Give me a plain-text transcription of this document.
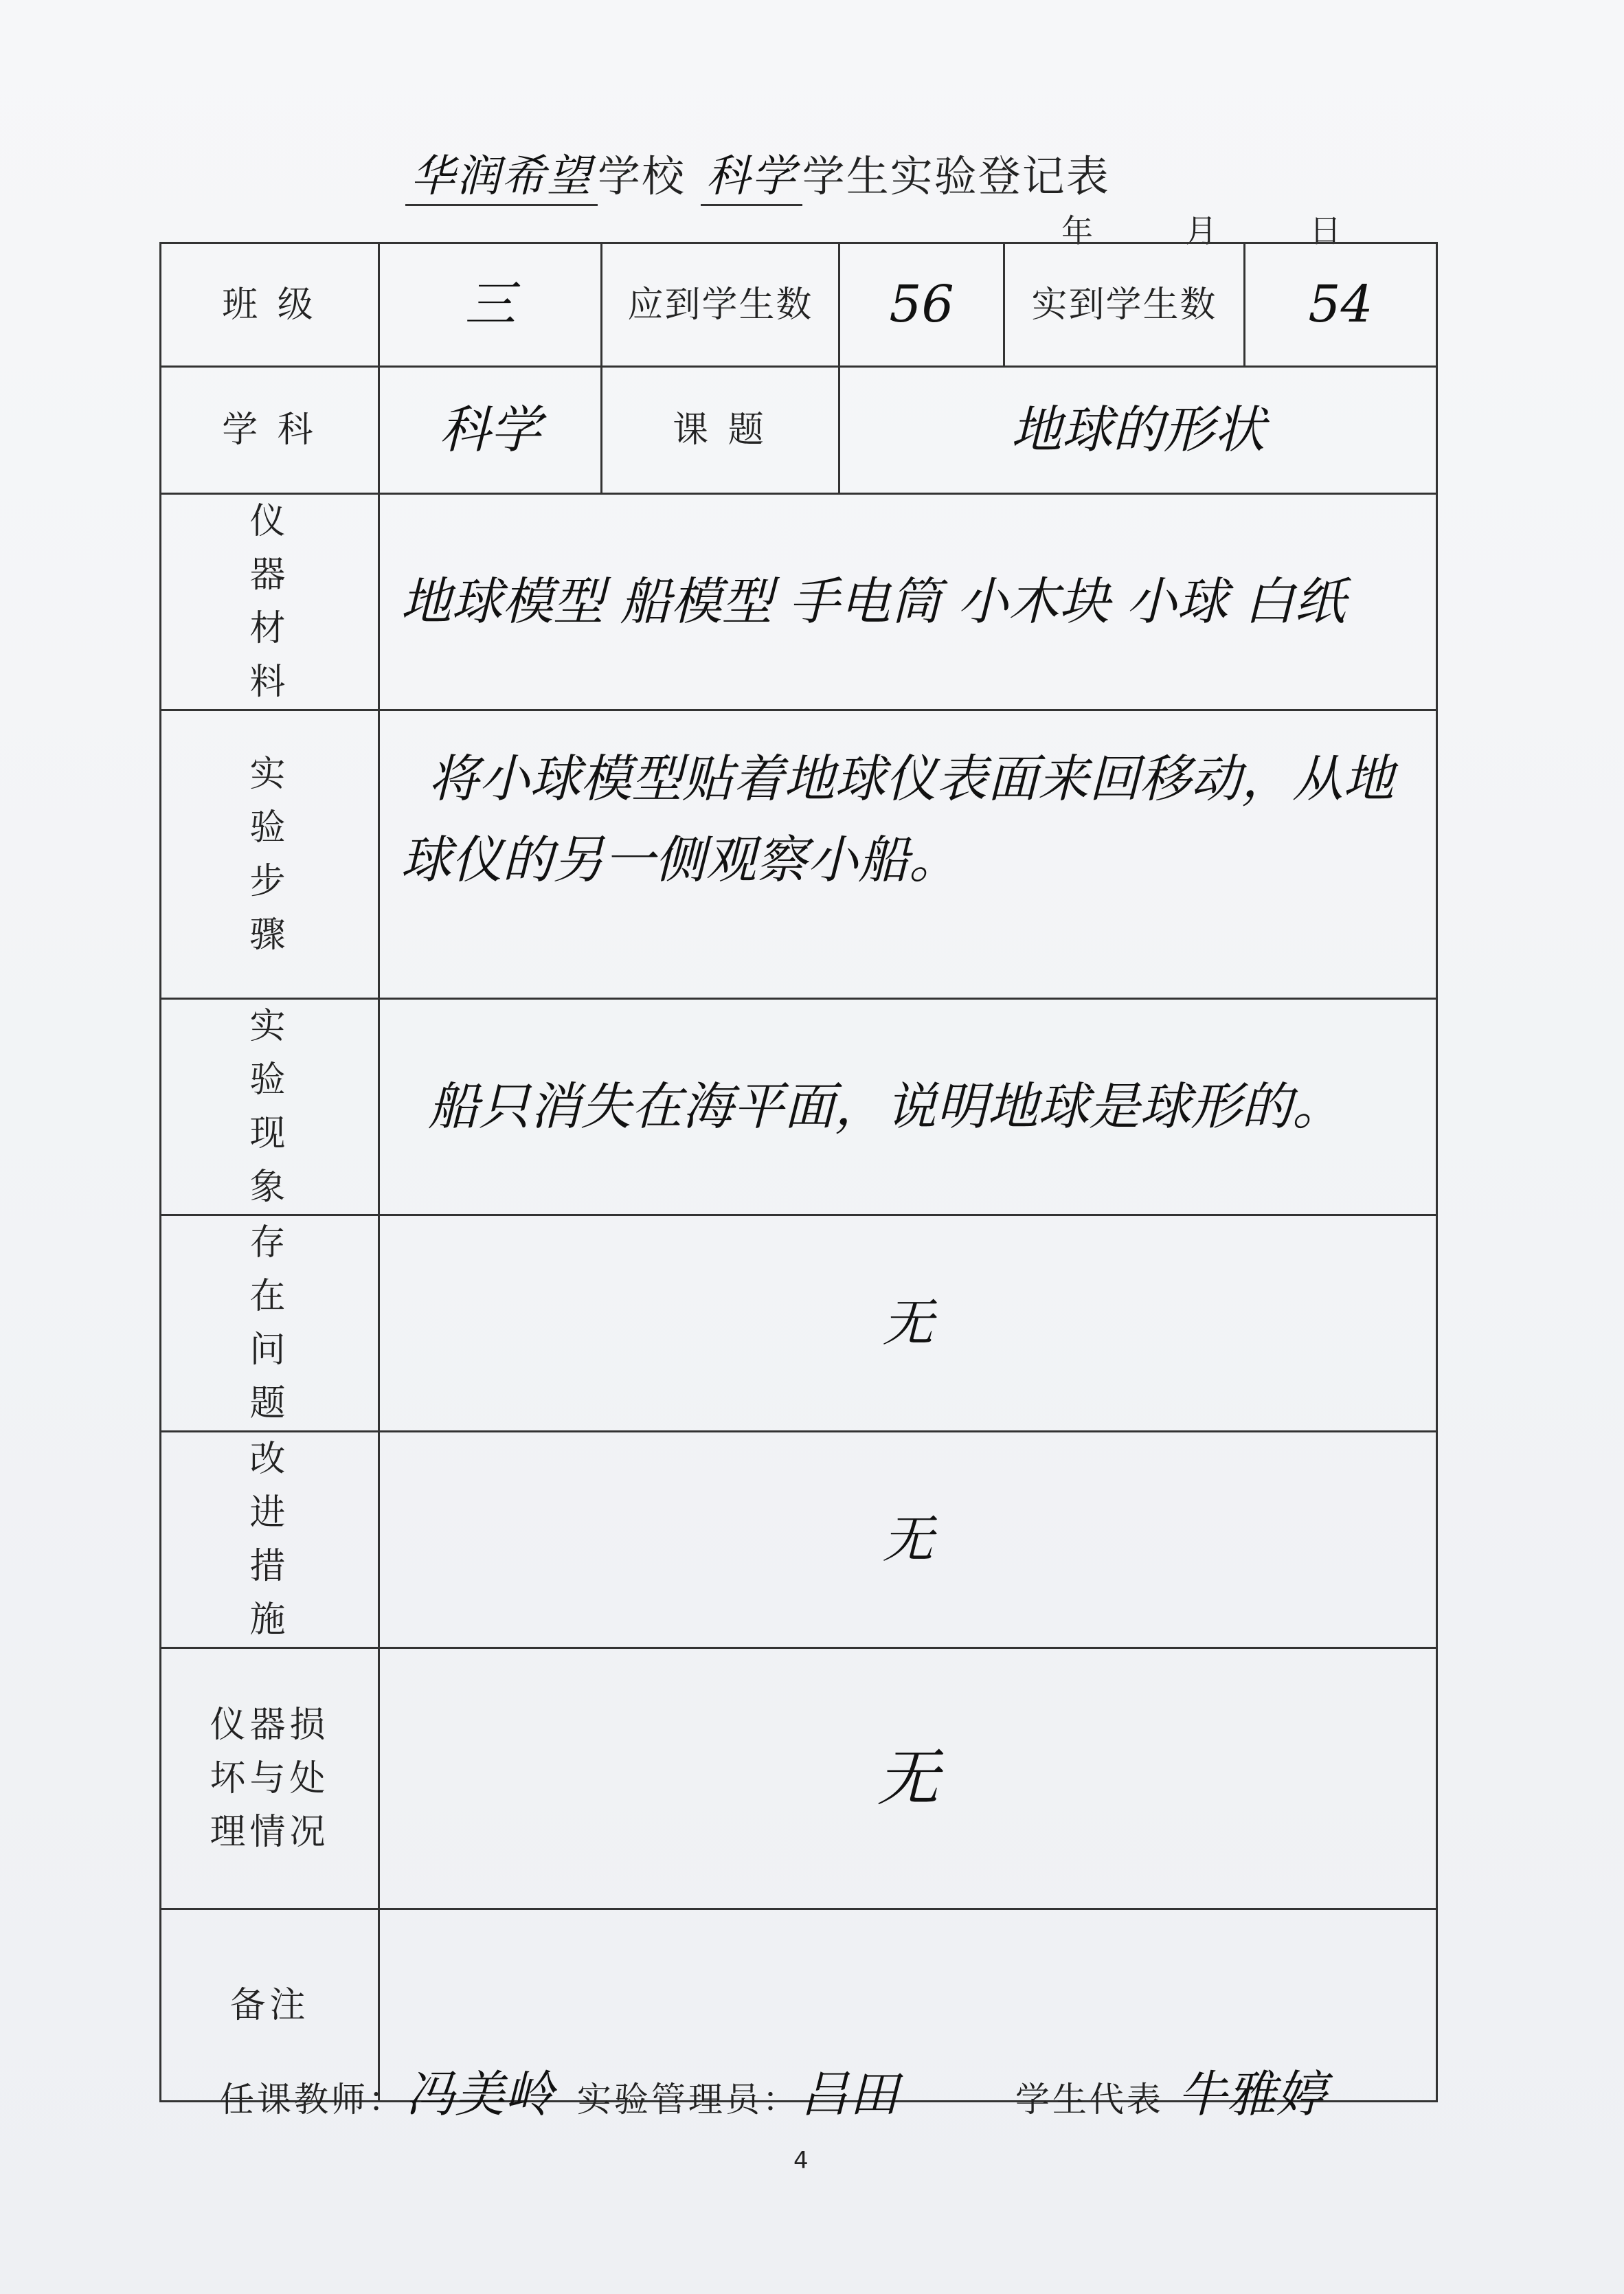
华润希望 学校 科学 学生实验登记表
年	月	日
班 级	三	应到学生数	56	实到学生数	54
学 科	科学	课 题	地球的形状		

仪器材料	地球模型 船模型 手电筒 小木块 小球 白纸				

实验步骤	将小球模型贴着地球仪表面来回移动，从地球仪的另一侧观察小船。				

实验现象	船只消失在海平面，说明地球是球形的。				

存在问题	无				

改进措施	无				

仪器损坏与处理情况	无				
备注					
任课教师：冯美岭 实验管理员：吕田	学生代表 牛雅婷
4
